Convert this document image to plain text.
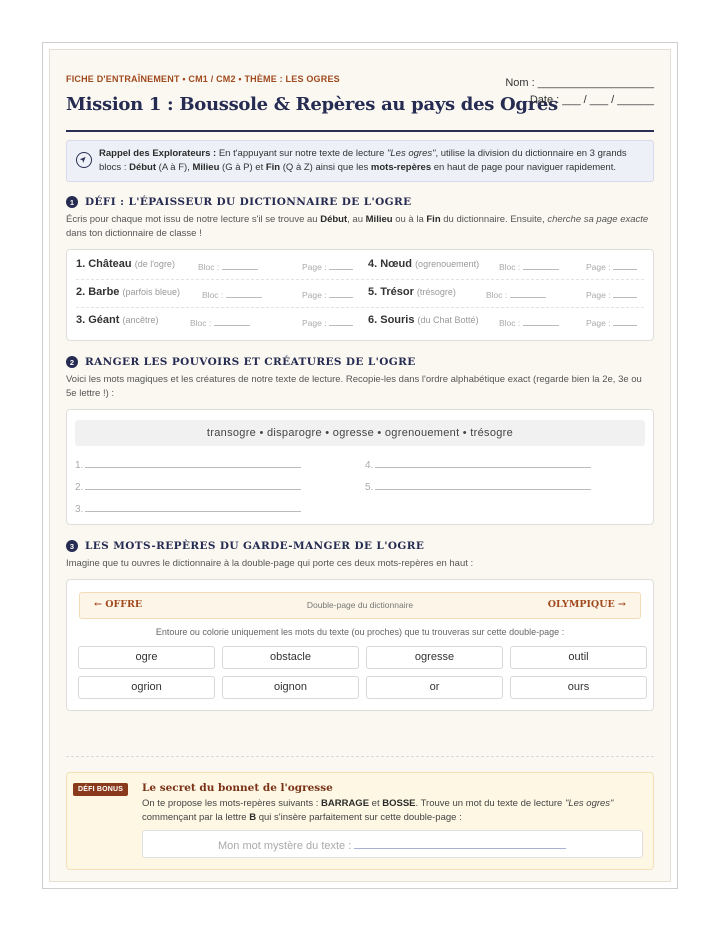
FICHE D'ENTRAÎNEMENT • CM1 / CM2 • THÈME : LES OGRES
Mission 1 : Boussole & Repères au pays des Ogres
Nom : ___________________
Date : ___ / ___ / ______
Rappel des Explorateurs : En t'appuyant sur notre texte de lecture "Les ogres", utilise la division du dictionnaire en 3 grands blocs : Début (A à F), Milieu (G à P) et Fin (Q à Z) ainsi que les mots-repères en haut de page pour naviguer rapidement.
1	DÉFI : L'ÉPAISSEUR DU DICTIONNAIRE DE L'OGRE
Écris pour chaque mot issu de notre lecture s'il se trouve au Début, au Milieu ou à la Fin du dictionnaire. Ensuite, cherche sa page exacte dans ton dictionnaire de classe !
1. Château (de l'ogre)	Bloc :	Page :	4. Nœud (ogrenouement) Bloc :	Page :
2. Barbe (parfois bleue)	Bloc :	Page :	5. Trésor (trésogre)	Bloc :	Page :
3. Géant (ancêtre)	Bloc :	Page :	6. Souris (du Chat Botté) Bloc :	Page :
2	RANGER LES POUVOIRS ET CRÉATURES DE L'OGRE
Voici les mots magiques et les créatures de notre texte de lecture. Recopie-les dans l'ordre alphabétique exact (regarde bien la 2e, 3e ou 5e lettre !) :
transogre • disparogre • ogresse • ogrenouement • trésogre
1.
2.
3.
4.
5.
3	LES MOTS-REPÈRES DU GARDE-MANGER DE L'OGRE
Imagine que tu ouvres le dictionnaire à la double-page qui porte ces deux mots-repères en haut :
← OFFRE	Double-page du dictionnaire	OLYMPIQUE →
Entoure ou colorie uniquement les mots du texte (ou proches) que tu trouveras sur cette double-page :
ogre	obstacle	ogresse	outil
ogrion	oignon	or	ours
DÉFI BONUS	Le secret du bonnet de l'ogresse
On te propose les mots-repères suivants : BARRAGE et BOSSE. Trouve un mot du texte de lecture "Les ogres" commençant par la lettre B qui s'insère parfaitement sur cette double-page :
Mon mot mystère du texte :
